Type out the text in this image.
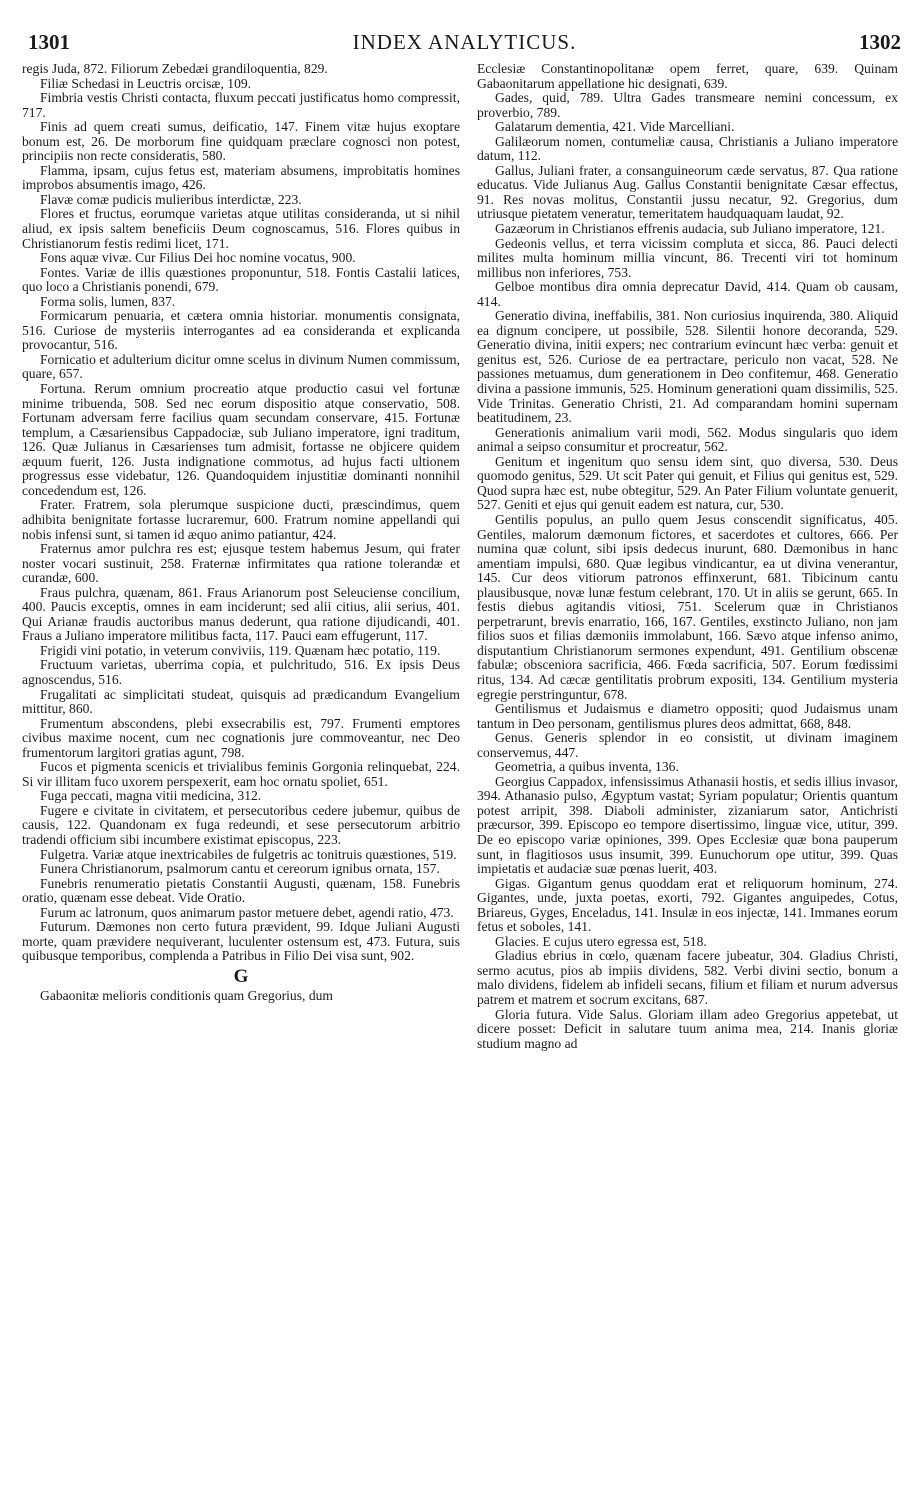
1301	INDEX ANALYTICUS.	1302

regis Juda, 872. Filiorum Zebedæi grandiloquentia, 829.

Filiæ Schedasi in Leuctris orcisæ, 109.

Fimbria vestis Christi contacta, fluxum peccati justificatus homo compressit, 717.

Finis ad quem creati sumus, deificatio, 147. Finem vitæ hujus exoptare bonum est, 26. De morborum fine quidquam præclare cognosci non potest, principiis non recte consideratis, 580.

Flamma, ipsam, cujus fetus est, materiam absumens, improbitatis homines improbos absumentis imago, 426.

Flavæ comæ pudicis mulieribus interdictæ, 223.

Flores et fructus, eorumque varietas atque utilitas considerandа, ut si nihil aliud, ex ipsis saltem beneficiis Deum cognoscamus, 516. Flores quibus in Christianorum festis redimi licet, 171.

Fons aquæ vivæ. Cur Filius Dei hoc nomine vocatus, 900.

Fontes. Variæ de illis quæstiones proponuntur, 518. Fontis Castalii latices, quo loco a Christianis ponendi, 679.

Forma solis, lumen, 837.

Formicarum penuaria, et cætera omnia historiar. monumentis consignata, 516. Curiose de mysteriis interrogantes ad ea consideranda et explicanda provocantur, 516.

Fornicatio et adulterium dicitur omne scelus in divinum Numen commissum, quare, 657.

Fortuna. Rerum omnium procreatio atque productio casui vel fortunæ minime tribuenda, 508. Sed nec eorum dispositio atque conservatio, 508. Fortunam adversam ferre facilius quam secundam conservare, 415. Fortunæ templum, a Cæsariensibus Cappadociæ, sub Juliano imperatore, igni traditum, 126. Quæ Julianus in Cæsarienses tum admisit, fortasse ne objicere quidem æquum fuerit, 126. Justa indignatione commotus, ad hujus facti ultionem progressus esse videbatur, 126. Quandoquidem injustitiæ dominanti nonnihil concedendum est, 126.

Frater. Fratrem, sola plerumque suspicione ducti, præscindimus, quem adhibita benignitate fortasse lucraremur, 600. Fratrum nomine appellandi qui nobis infensi sunt, si tamen id æquo animo patiantur, 424.

Fraternus amor pulchra res est; ejusque testem habemus Jesum, qui frater noster vocari sustinuit, 258. Fraternæ infirmitates qua ratione tolerandæ et curandæ, 600.

Fraus pulchra, quænam, 861. Fraus Arianorum post Seleuciense concilium, 400. Paucis exceptis, omnes in eam inciderunt; sed alii citius, alii serius, 401. Qui Arianæ fraudis auctoribus manus dederunt, qua ratione dijudicandi, 401. Fraus a Juliano imperatore militibus facta, 117. Pauci eam effugerunt, 117.

Frigidi vini potatio, in veterum conviviis, 119. Quænam hæc potatio, 119.

Fructuum varietas, uberrima copia, et pulchritudo, 516. Ex ipsis Deus agnoscendus, 516.

Frugalitati ac simplicitati studeat, quisquis ad prædicandum Evangelium mittitur, 860.

Frumentum abscondens, plebi exsecrabilis est, 797. Frumenti emptores civibus maxime nocent, cum nec cognationis jure commoveantur, nec Deo frumentorum largitori gratias agunt, 798.

Fucos et pigmenta scenicis et trivialibus feminis Gorgonia relinquebat, 224. Si vir illitam fuco uxorem perspexerit, eam hoc ornatu spoliet, 651.

Fuga peccati, magna vitii medicina, 312.

Fugere e civitate in civitatem, et persecutoribus cedere jubemur, quibus de causis, 122. Quandonam ex fuga redeundi, et sese persecutorum arbitrio tradendi officium sibi incumbere existimat episcopus, 223.

Fulgetra. Variæ atque inextricabiles de fulgetris ac tonitruis quæstiones, 519.

Funera Christianorum, psalmorum cantu et cereorum ignibus ornata, 157.

Funebris renumeratio pietatis Constantii Augusti, quænam, 158. Funebris oratio, quænam esse debeat. Vide Oratio.

Furum ac latronum, quos animarum pastor metuere debet, agendi ratio, 473.

Futurum. Dæmones non certo futura prævident, 99. Idque Juliani Augusti morte, quam prævidere nequiverant, luculenter ostensum est, 473. Futura, suis quibusque temporibus, complenda a Patribus in Filio Dei visa sunt, 902.

G

Gabaonitæ melioris conditionis quam Gregorius, dum

Ecclesiæ Constantinopolitanæ opem ferret, quare, 639. Quinam Gabaonitarum appellatione hic designati, 639.

Gades, quid, 789. Ultra Gades transmeare nemini concessum, ex proverbio, 789.

Galatarum dementia, 421. Vide Marcelliani.

Galilæorum nomen, contumeliæ causa, Christianis a Juliano imperatore datum, 112.

Gallus, Juliani frater, a consanguineorum cæde servatus, 87. Qua ratione educatus. Vide Julianus Aug. Gallus Constantii benignitate Cæsar effectus, 91. Res novas molitus, Constantii jussu necatur, 92. Gregorius, dum utriusque pietatem veneratur, temeritatem haudquaquam laudat, 92.

Gazæorum in Christianos effrenis audacia, sub Juliano imperatore, 121.

Gedeonis vellus, et terra vicissim compluta et sicca, 86. Pauci delecti milites multa hominum millia vincunt, 86. Trecenti viri tot hominum millibus non inferiores, 753.

Gelboe montibus dira omnia deprecatur David, 414. Quam ob causam, 414.

Generatio divina, ineffabilis, 381. Non curiosius inquirenda, 380. Aliquid ea dignum concipere, ut possibile, 528. Silentii honore decoranda, 529. Generatio divina, initii expers; nec contrarium evincunt hæc verba: genuit et genitus est, 526. Curiose de ea pertractare, periculo non vacat, 528. Ne passiones metuamus, dum generationem in Deo confitemur, 468. Generatio divina a passione immunis, 525. Hominum generationi quam dissimilis, 525. Vide Trinitas. Generatio Christi, 21. Ad comparandam homini supernam beatitudinem, 23.

Generationis animalium varii modi, 562. Modus singularis quo idem animal a seipso consumitur et procreatur, 562.

Genitum et ingenitum quo sensu idem sint, quo diversa, 530. Deus quomodo genitus, 529. Ut scit Pater qui genuit, et Filius qui genitus est, 529. Quod supra hæc est, nube obtegitur, 529. An Pater Filium voluntate genuerit, 527. Geniti et ejus qui genuit eadem est natura, cur, 530.

Gentilis populus, an pullo quem Jesus conscendit significatus, 405. Gentiles, malorum dæmonum fictores, et sacerdotes et cultores, 666. Per numina quæ colunt, sibi ipsis dedecus inurunt, 680. Dæmonibus in hanc amentiam impulsi, 680. Quæ legibus vindicantur, ea ut divina venerantur, 145. Cur deos vitiorum patronos effinxerunt, 681. Tibicinum cantu plausibusque, novæ lunæ festum celebrant, 170. Ut in aliis se gerunt, 665. In festis diebus agitandis vitiosi, 751. Scelerum quæ in Christianos perpetrarunt, brevis enarratio, 166, 167. Gentiles, exstincto Juliano, non jam filios suos et filias dæmoniis immolabunt, 166. Sævo atque infenso animo, disputantium Christianorum sermones expendunt, 491. Gentilium obscenæ fabulæ; obsceniora sacrificia, 466. Fœda sacrificia, 507. Eorum fœdissimi ritus, 134. Ad cæcæ gentilitatis probrum expositi, 134. Gentilium mysteria egregie perstringuntur, 678.

Gentilismus et Judaismus e diametro oppositi; quod Judaismus unam tantum in Deo personam, gentilismus plures deos admittat, 668, 848.

Genus. Generis splendor in eo consistit, ut divinam imaginem conservemus, 447.

Geometria, a quibus inventa, 136.

Georgius Cappadox, infensissimus Athanasii hostis, et sedis illius invasor, 394. Athanasio pulso, Ægyptum vastat; Syriam populatur; Orientis quantum potest arripit, 398. Diaboli administer, zizaniarum sator, Antichristi præcursor, 399. Episcopo eo tempore disertissimo, linguæ vice, utitur, 399. De eo episcopo variæ opiniones, 399. Opes Ecclesiæ quæ bona pauperum sunt, in flagitiosos usus insumit, 399. Eunuchorum ope utitur, 399. Quas impietatis et audaciæ suæ pœnas luerit, 403.

Gigas. Gigantum genus quoddam erat et reliquorum hominum, 274. Gigantes, unde, juxta poetas, exorti, 792. Gigantes anguipedes, Cotus, Briareus, Gyges, Enceladus, 141. Insulæ in eos injectæ, 141. Immanes eorum fetus et soboles, 141.

Glacies. E cujus utero egressa est, 518.

Gladius ebrius in cœlo, quænam facere jubeatur, 304. Gladius Christi, sermo acutus, pios ab impiis dividens, 582. Verbi divini sectio, bonum a malo dividens, fidelem ab infideli secans, filium et filiam et nurum adversus patrem et matrem et socrum excitans, 687.

Gloria futura. Vide Salus. Gloriam illam adeo Gregorius appetebat, ut dicere posset: Deficit in salutare tuum anima mea, 214. Inanis gloriæ studium magno ad
